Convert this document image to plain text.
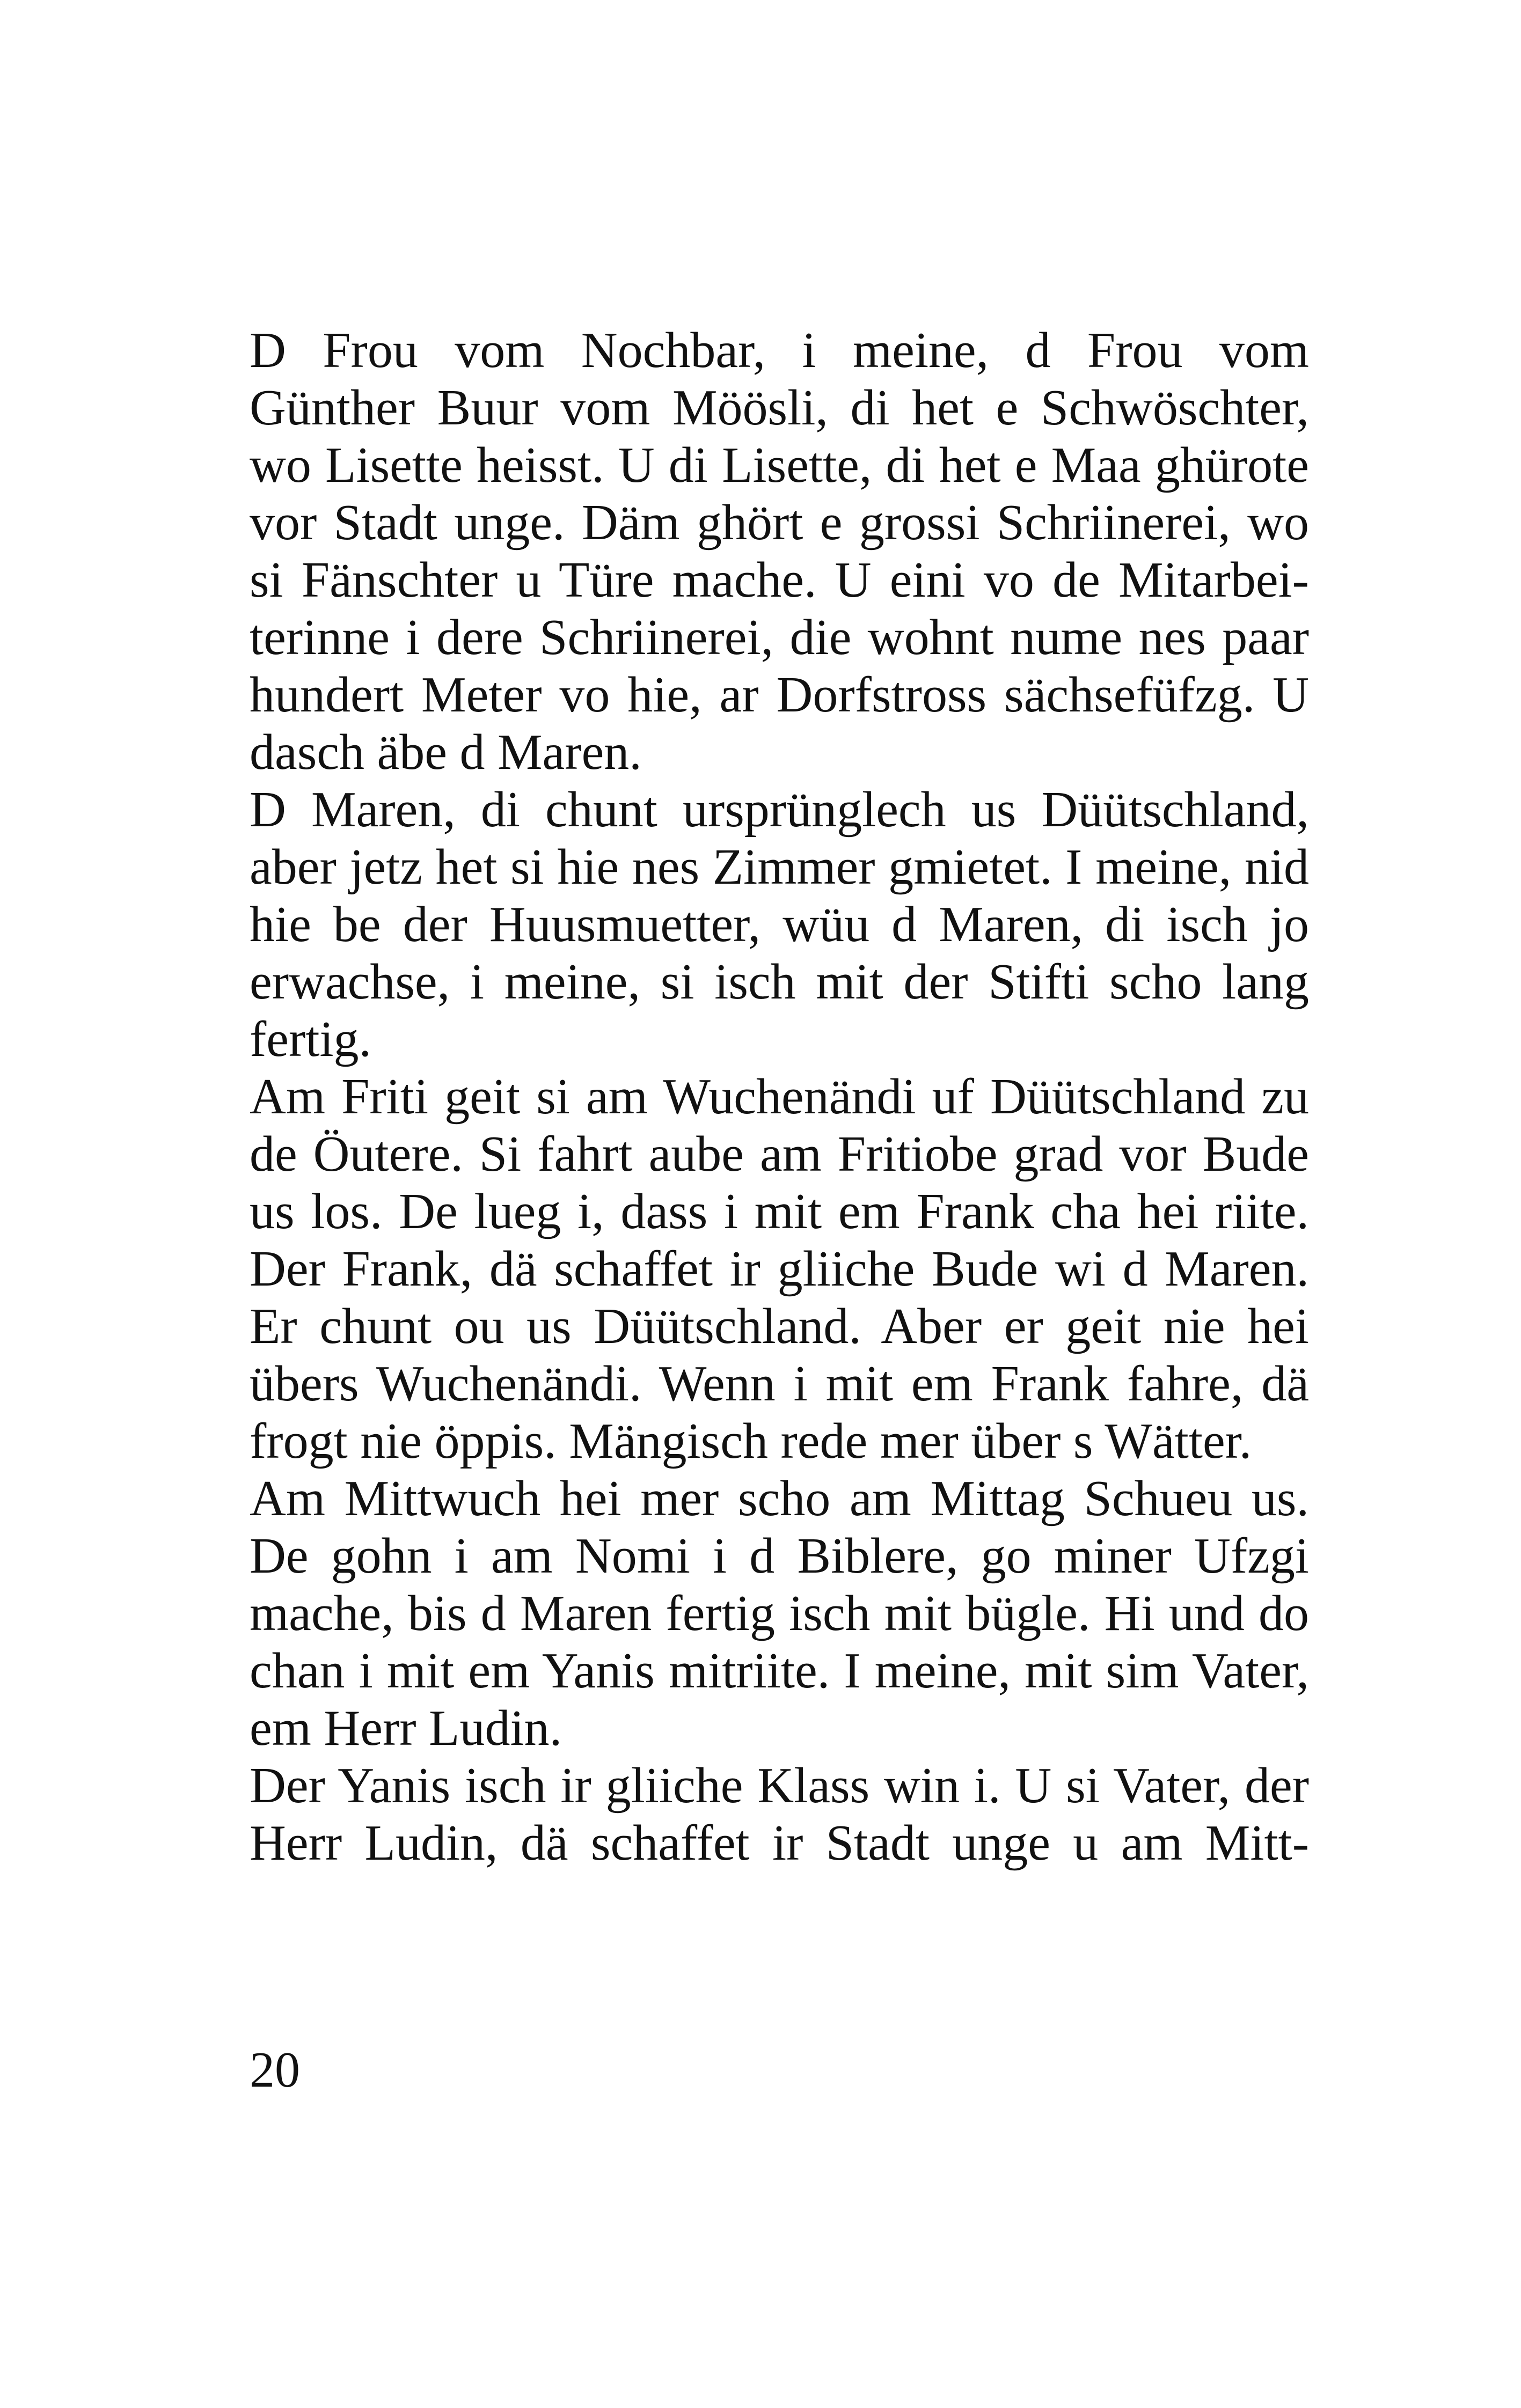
D Frou vom Nochbar, i meine, d Frou vom
Günther Buur vom Möösli, di het e Schwöschter,
wo Lisette heisst. U di Lisette, di het e Maa ghürote
vor Stadt unge. Däm ghört e grossi Schriinerei, wo
si Fänschter u Türe mache. U eini vo de Mitarbei-
terinne i dere Schriinerei, die wohnt nume nes paar
hundert Meter vo hie, ar Dorfstross sächsefüfzg. U
dasch äbe d Maren.
D Maren, di chunt ursprünglech us Düütschland,
aber jetz het si hie nes Zimmer gmietet. I meine, nid
hie be der Huusmuetter, wüu d Maren, di isch jo
erwachse, i meine, si isch mit der Stifti scho lang
fertig.
Am Friti geit si am Wuchenändi uf Düütschland zu
de Öutere. Si fahrt aube am Fritiobe grad vor Bude
us los. De lueg i, dass i mit em Frank cha hei riite.
Der Frank, dä schaffet ir gliiche Bude wi d Maren.
Er chunt ou us Düütschland. Aber er geit nie hei
übers Wuchenändi. Wenn i mit em Frank fahre, dä
frogt nie öppis. Mängisch rede mer über s Wätter.
Am Mittwuch hei mer scho am Mittag Schueu us.
De gohn i am Nomi i d Biblere, go miner Ufzgi
mache, bis d Maren fertig isch mit bügle. Hi und do
chan i mit em Yanis mitriite. I meine, mit sim Vater,
em Herr Ludin.
Der Yanis isch ir gliiche Klass win i. U si Vater, der
Herr Ludin, dä schaffet ir Stadt unge u am Mitt-
20
